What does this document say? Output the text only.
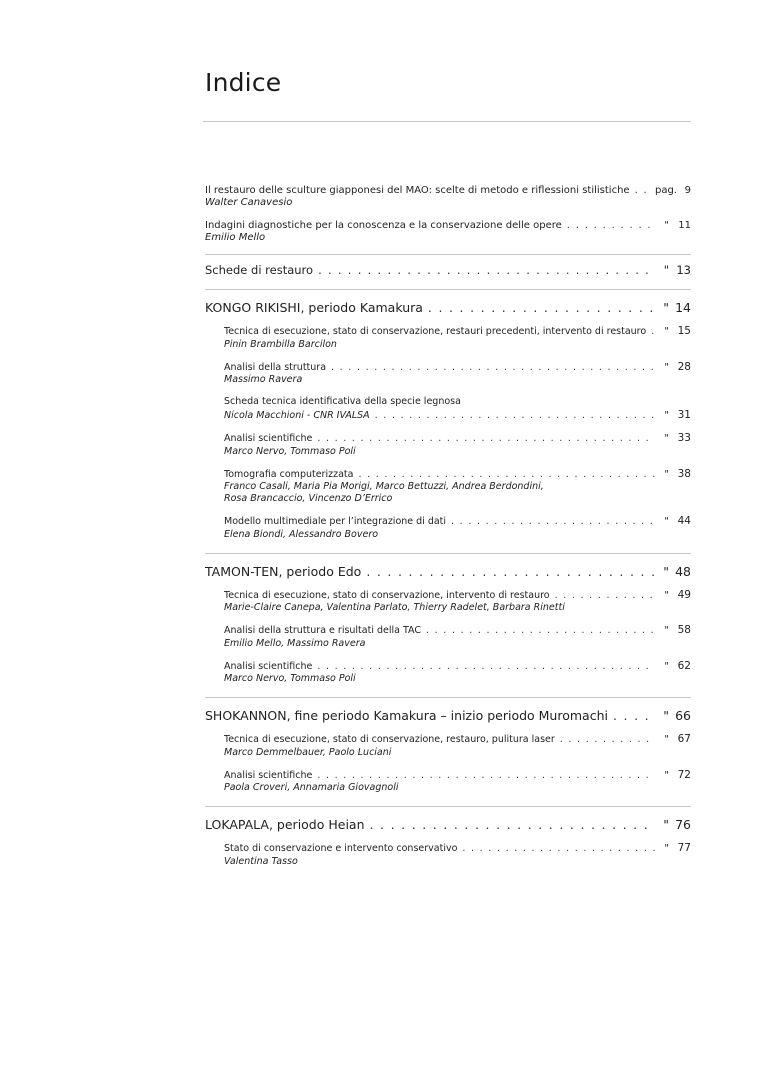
Indice
Il restauro delle sculture giapponesi del MAO: scelte di metodo e riflessioni stilistiche . . .	pag. 9
Walter Canavesio
Indagini diagnostiche per la conoscenza e la conservazione delle opere . . .	" 11
Emilio Mello
Schede di restauro . . .	" 13
KONGO RIKISHI, periodo Kamakura . . .	" 14
Tecnica di esecuzione, stato di conservazione, restauri precedenti, intervento di restauro . . .	" 15
Pinin Brambilla Barcilon
Analisi della struttura . . .	" 28
Massimo Ravera
Scheda tecnica identificativa della specie legnosa
Nicola Macchioni - CNR IVALSA . . .	" 31
Analisi scientifiche . . .	" 33
Marco Nervo, Tommaso Poli
Tomografia computerizzata . . .	" 38
Franco Casali, Maria Pia Morigi, Marco Bettuzzi, Andrea Berdondini,
Rosa Brancaccio, Vincenzo D’Errico
Modello multimediale per l’integrazione di dati . . .	" 44
Elena Biondi, Alessandro Bovero
TAMON-TEN, periodo Edo . . .	" 48
Tecnica di esecuzione, stato di conservazione, intervento di restauro . . .	" 49
Marie-Claire Canepa, Valentina Parlato, Thierry Radelet, Barbara Rinetti
Analisi della struttura e risultati della TAC . . .	" 58
Emilio Mello, Massimo Ravera
Analisi scientifiche . . .	" 62
Marco Nervo, Tommaso Poli
SHOKANNON, fine periodo Kamakura – inizio periodo Muromachi . . .	" 66
Tecnica di esecuzione, stato di conservazione, restauro, pulitura laser . . .	" 67
Marco Demmelbauer, Paolo Luciani
Analisi scientifiche . . .	" 72
Paola Croveri, Annamaria Giovagnoli
LOKAPALA, periodo Heian . . .	" 76
Stato di conservazione e intervento conservativo . . .	" 77
Valentina Tasso
